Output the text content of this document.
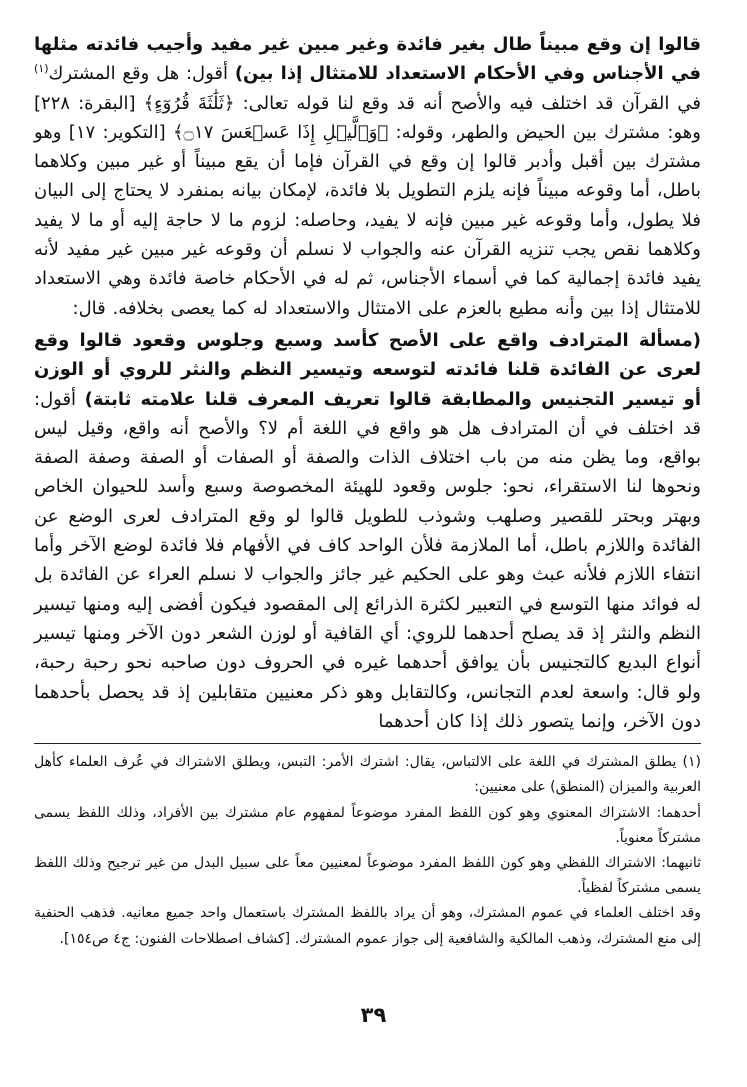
قالوا إن وقع مبيناً طال بغير فائدة وغير مبين غير مفيد وأجيب فائدته مثلها في الأجناس وفي الأحكام الاستعداد للامتثال إذا بين) أقول: هل وقع المشترك$^{(١)}$ في القرآن قد اختلف فيه والأصح أنه قد وقع لنا قوله تعالى: ﴿ثَلَٰثَةَ قُرُوٓءٍ﴾ [البقرة: ٢٢٨] وهو: مشترك بين الحيض والطهر، وقوله: ﴿وَٱلَّيۡلِ إِذَا عَسۡعَسَ ۝١٧﴾ [التكوير: ١٧] وهو مشترك بين أقبل وأدبر قالوا إن وقع في القرآن فإما أن يقع مبيناً أو غير مبين وكلاهما باطل، أما وقوعه مبيناً فإنه يلزم التطويل بلا فائدة، لإمكان بيانه بمنفرد لا يحتاج إلى البيان فلا يطول، وأما وقوعه غير مبين فإنه لا يفيد، وحاصله: لزوم ما لا حاجة إليه أو ما لا يفيد وكلاهما نقص يجب تنزيه القرآن عنه والجواب لا نسلم أن وقوعه غير مبين غير مفيد لأنه يفيد فائدة إجمالية كما في أسماء الأجناس، ثم له في الأحكام خاصة فائدة وهي الاستعداد للامتثال إذا بين وأنه مطيع بالعزم على الامتثال والاستعداد له كما يعصى بخلافه. قال:

(مسألة المترادف واقع على الأصح كأسد وسبع وجلوس وقعود قالوا وقع لعرى عن الفائدة قلنا فائدته لتوسعه وتيسير النظم والنثر للروي أو الوزن أو تيسير التجنيس والمطابقة قالوا تعريف المعرف قلنا علامته ثابتة) أقول: قد اختلف في أن المترادف هل هو واقع في اللغة أم لا؟ والأصح أنه واقع، وقيل ليس بواقع، وما يظن منه من باب اختلاف الذات والصفة أو الصفات أو الصفة وصفة الصفة ونحوها لنا الاستقراء، نحو: جلوس وقعود للهيئة المخصوصة وسبع وأسد للحيوان الخاص وبهتر وبحتر للقصير وصلهب وشوذب للطويل قالوا لو وقع المترادف لعرى الوضع عن الفائدة واللازم باطل، أما الملازمة فلأن الواحد كاف في الأفهام فلا فائدة لوضع الآخر وأما انتفاء اللازم فلأنه عبث وهو على الحكيم غير جائز والجواب لا نسلم العراء عن الفائدة بل له فوائد منها التوسع في التعبير لكثرة الذرائع إلى المقصود فيكون أفضى إليه ومنها تيسير النظم والنثر إذ قد يصلح أحدهما للروي: أي القافية أو لوزن الشعر دون الآخر ومنها تيسير أنواع البديع كالتجنيس بأن يوافق أحدهما غيره في الحروف دون صاحبه نحو رحبة رحبة، ولو قال: واسعة لعدم التجانس، وكالتقابل وهو ذكر معنيين متقابلين إذ قد يحصل بأحدهما دون الآخر، وإنما يتصور ذلك إذا كان أحدهما

(١) يطلق المشترك في اللغة على الالتباس، يقال: اشترك الأمر: التبس، ويطلق الاشتراك في عُرف العلماء كأهل العربية والميزان (المنطق) على معنيين:

أحدهما: الاشتراك المعنوي وهو كون اللفظ المفرد موضوعاً لمفهوم عام مشترك بين الأفراد، وذلك اللفظ يسمى مشتركاً معنوياً.

ثانيهما: الاشتراك اللفظي وهو كون اللفظ المفرد موضوعاً لمعنيين معاً على سبيل البدل من غير ترجيح وذلك اللفظ يسمى مشتركاً لفظياً.

وقد اختلف العلماء في عموم المشترك، وهو أن يراد باللفظ المشترك باستعمال واحد جميع معانيه. فذهب الحنفية إلى منع المشترك، وذهب المالكية والشافعية إلى جواز عموم المشترك. [كشاف اصطلاحات الفنون: ج٤ ص١٥٤].

٣٩
